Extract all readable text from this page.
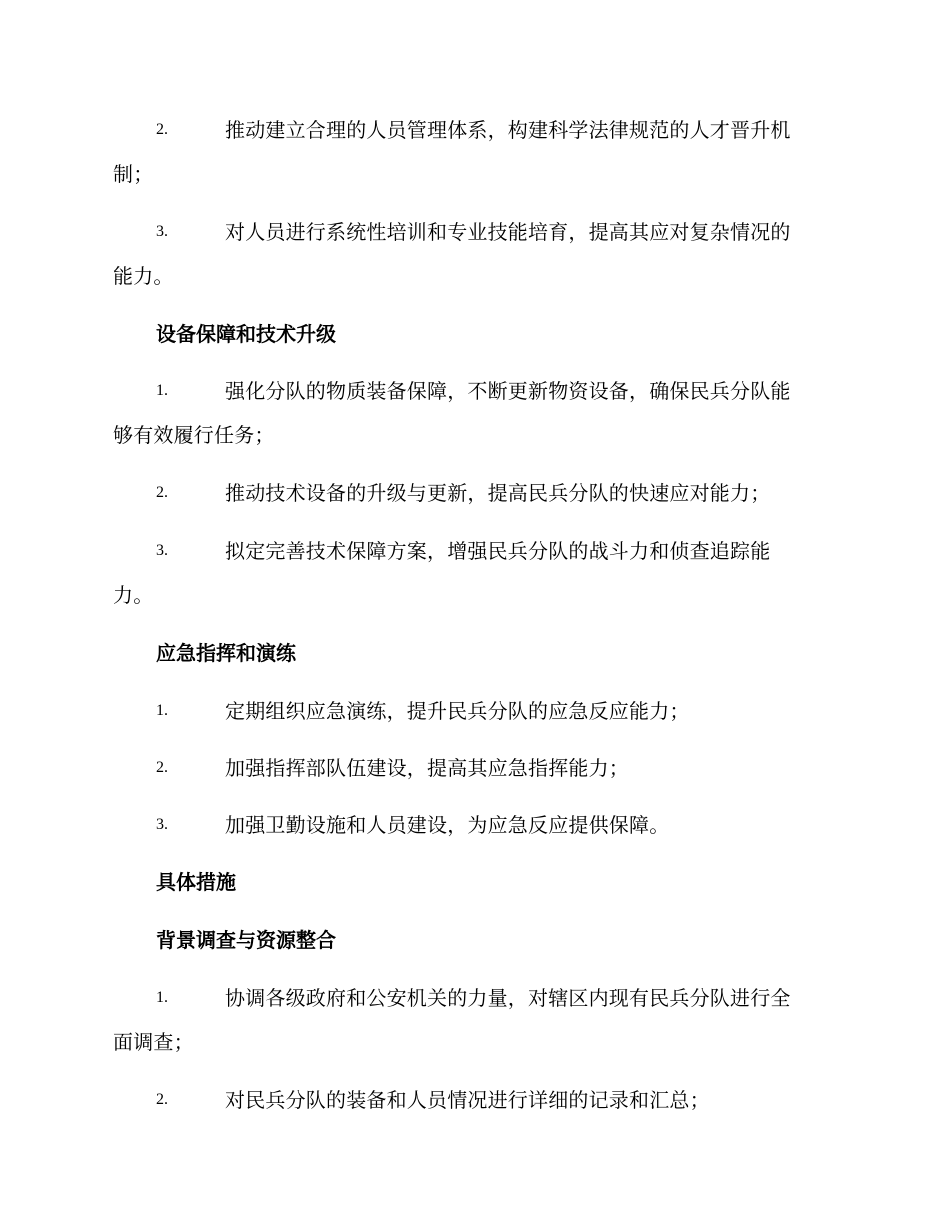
2.	推动建立合理的人员管理体系，构建科学法律规范的人才晋升机
制；
3.	对人员进行系统性培训和专业技能培育，提高其应对复杂情况的
能力。
设备保障和技术升级
1.	强化分队的物质装备保障，不断更新物资设备，确保民兵分队能
够有效履行任务；
2.	推动技术设备的升级与更新，提高民兵分队的快速应对能力；
3.	拟定完善技术保障方案，增强民兵分队的战斗力和侦查追踪能
力。
应急指挥和演练
1.	定期组织应急演练，提升民兵分队的应急反应能力；
2.	加强指挥部队伍建设，提高其应急指挥能力；
3.	加强卫勤设施和人员建设，为应急反应提供保障。
具体措施
背景调查与资源整合
1.	协调各级政府和公安机关的力量，对辖区内现有民兵分队进行全
面调查；
2.	对民兵分队的装备和人员情况进行详细的记录和汇总；
